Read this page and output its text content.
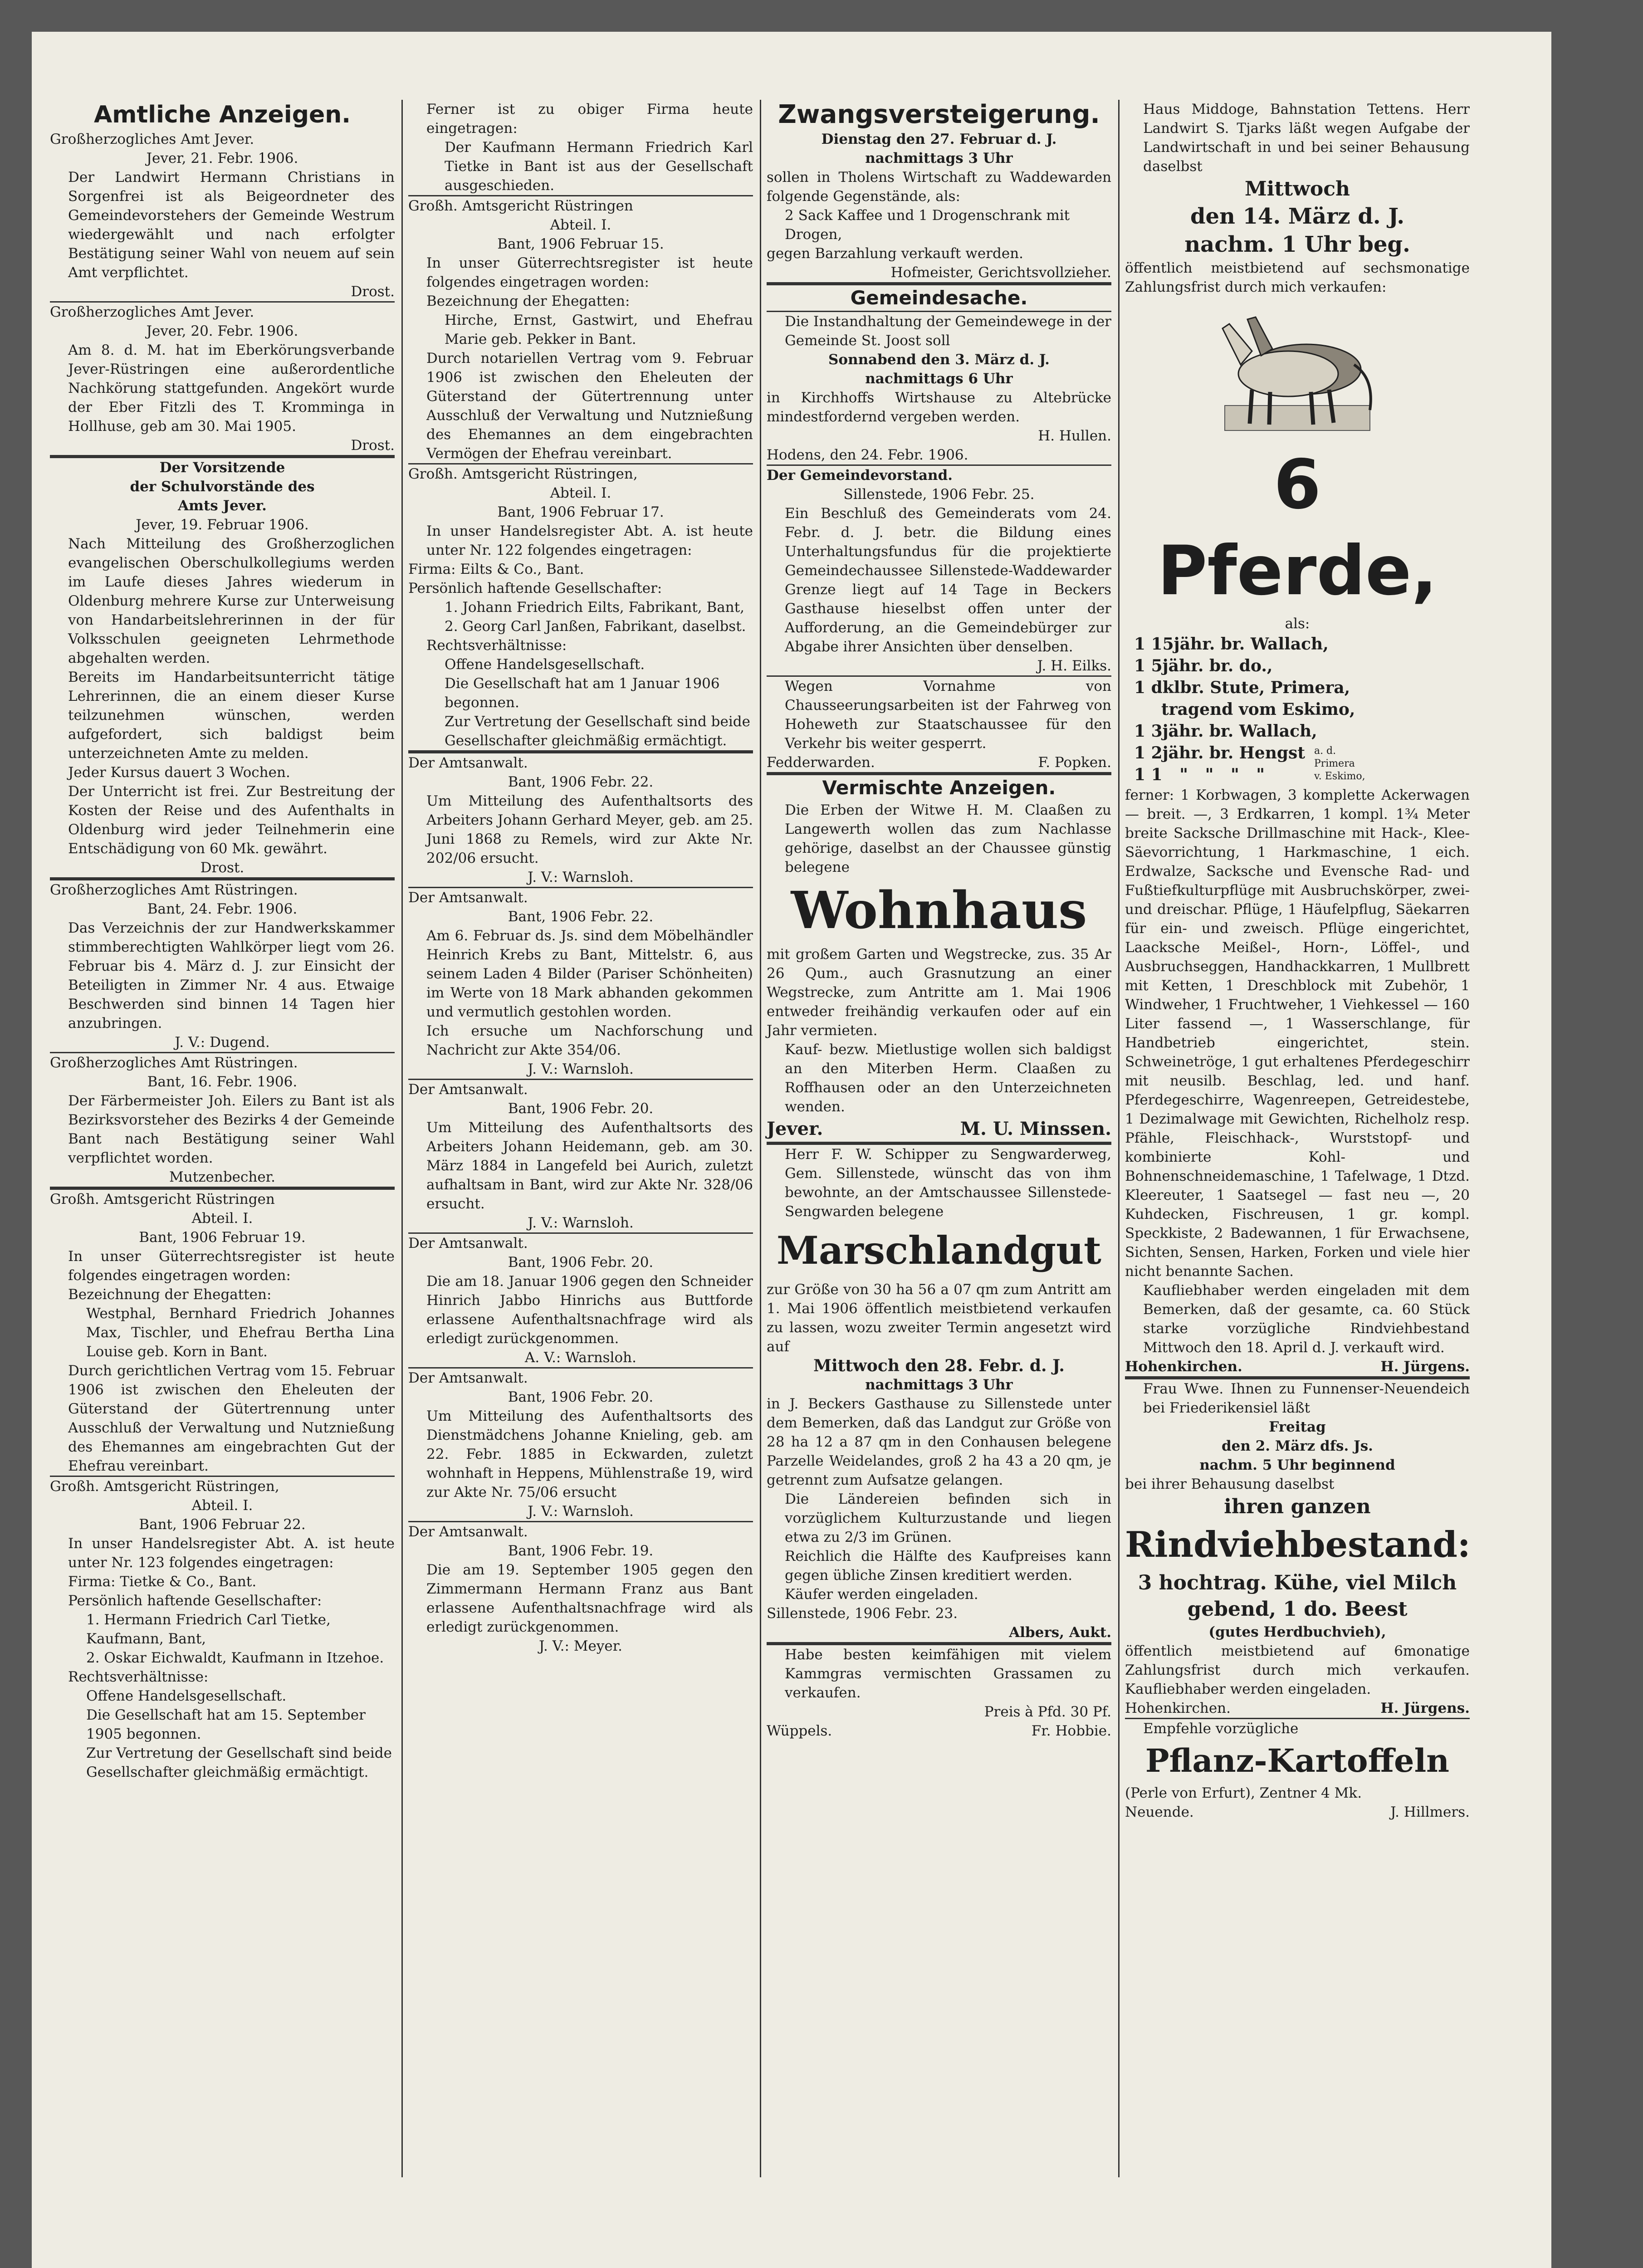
Amtliche Anzeigen.
Großherzogliches Amt Jever.
Jever, 21. Febr. 1906.
Der Landwirt Hermann Christians in Sorgenfrei ist als Beigeordneter des Gemeindevorstehers der Gemeinde Westrum wiedergewählt und nach erfolgter Bestätigung seiner Wahl von neuem auf sein Amt verpflichtet.
Drost.
Großherzogliches Amt Jever.
Jever, 20. Febr. 1906.
Am 8. d. M. hat im Eberkörungsverbande Jever-Rüstringen eine außerordentliche Nachkörung stattgefunden. Angekört wurde der Eber Fitzli des T. Kromminga in Hollhuse, geb am 30. Mai 1905.
Drost.
Der Vorsitzende
der Schulvorstände des
Amts Jever.
Jever, 19. Februar 1906.
Nach Mitteilung des Großherzoglichen evangelischen Oberschulkollegiums werden im Laufe dieses Jahres wiederum in Oldenburg mehrere Kurse zur Unterweisung von Handarbeitslehrerinnen in der für Volksschulen geeigneten Lehrmethode abgehalten werden.
Bereits im Handarbeitsunterricht tätige Lehrerinnen, die an einem dieser Kurse teilzunehmen wünschen, werden aufgefordert, sich baldigst beim unterzeichneten Amte zu melden.
Jeder Kursus dauert 3 Wochen.
Der Unterricht ist frei. Zur Bestreitung der Kosten der Reise und des Aufenthalts in Oldenburg wird jeder Teilnehmerin eine Entschädigung von 60 Mk. gewährt.
Drost.
Großherzogliches Amt Rüstringen.
Bant, 24. Febr. 1906.
Das Verzeichnis der zur Handwerkskammer stimmberechtigten Wahlkörper liegt vom 26. Februar bis 4. März d. J. zur Einsicht der Beteiligten in Zimmer Nr. 4 aus. Etwaige Beschwerden sind binnen 14 Tagen hier anzubringen.
J. V.: Dugend.
Großherzogliches Amt Rüstringen.
Bant, 16. Febr. 1906.
Der Färbermeister Joh. Eilers zu Bant ist als Bezirksvorsteher des Bezirks 4 der Gemeinde Bant nach Bestätigung seiner Wahl verpflichtet worden.
Mutzenbecher.
Großh. Amtsgericht Rüstringen
Abteil. I.
Bant, 1906 Februar 19.
In unser Güterrechtsregister ist heute folgendes eingetragen worden:
Bezeichnung der Ehegatten:
Westphal, Bernhard Friedrich Johannes Max, Tischler, und Ehefrau Bertha Lina Louise geb. Korn in Bant.
Durch gerichtlichen Vertrag vom 15. Februar 1906 ist zwischen den Eheleuten der Güterstand der Gütertrennung unter Ausschluß der Verwaltung und Nutznießung des Ehemannes am eingebrachten Gut der Ehefrau vereinbart.
Großh. Amtsgericht Rüstringen,
Abteil. I.
Bant, 1906 Februar 22.
In unser Handelsregister Abt. A. ist heute unter Nr. 123 folgendes eingetragen:
Firma: Tietke & Co., Bant.
Persönlich haftende Gesellschafter:
1. Hermann Friedrich Carl Tietke, Kaufmann, Bant,
2. Oskar Eichwaldt, Kaufmann in Itzehoe.
Rechtsverhältnisse:
Offene Handelsgesellschaft.
Die Gesellschaft hat am 15. September 1905 begonnen.
Zur Vertretung der Gesellschaft sind beide Gesellschafter gleichmäßig ermächtigt.
Ferner ist zu obiger Firma heute eingetragen:
Der Kaufmann Hermann Friedrich Karl Tietke in Bant ist aus der Gesellschaft ausgeschieden.
Großh. Amtsgericht Rüstringen
Abteil. I.
Bant, 1906 Februar 15.
In unser Güterrechtsregister ist heute folgendes eingetragen worden:
Bezeichnung der Ehegatten:
Hirche, Ernst, Gastwirt, und Ehefrau Marie geb. Pekker in Bant.
Durch notariellen Vertrag vom 9. Februar 1906 ist zwischen den Eheleuten der Güterstand der Gütertrennung unter Ausschluß der Verwaltung und Nutznießung des Ehemannes an dem eingebrachten Vermögen der Ehefrau vereinbart.
Großh. Amtsgericht Rüstringen,
Abteil. I.
Bant, 1906 Februar 17.
In unser Handelsregister Abt. A. ist heute unter Nr. 122 folgendes eingetragen:
Firma: Eilts & Co., Bant.
Persönlich haftende Gesellschafter:
1. Johann Friedrich Eilts, Fabrikant, Bant,
2. Georg Carl Janßen, Fabrikant, daselbst.
Rechtsverhältnisse:
Offene Handelsgesellschaft.
Die Gesellschaft hat am 1 Januar 1906 begonnen.
Zur Vertretung der Gesellschaft sind beide Gesellschafter gleichmäßig ermächtigt.
Der Amtsanwalt.
Bant, 1906 Febr. 22.
Um Mitteilung des Aufenthaltsorts des Arbeiters Johann Gerhard Meyer, geb. am 25. Juni 1868 zu Remels, wird zur Akte Nr. 202/06 ersucht.
J. V.: Warnsloh.
Der Amtsanwalt.
Bant, 1906 Febr. 22.
Am 6. Februar ds. Js. sind dem Möbelhändler Heinrich Krebs zu Bant, Mittelstr. 6, aus seinem Laden 4 Bilder (Pariser Schönheiten) im Werte von 18 Mark abhanden gekommen und vermutlich gestohlen worden.
Ich ersuche um Nachforschung und Nachricht zur Akte 354/06.
J. V.: Warnsloh.
Der Amtsanwalt.
Bant, 1906 Febr. 20.
Um Mitteilung des Aufenthaltsorts des Arbeiters Johann Heidemann, geb. am 30. März 1884 in Langefeld bei Aurich, zuletzt aufhaltsam in Bant, wird zur Akte Nr. 328/06 ersucht.
J. V.: Warnsloh.
Der Amtsanwalt.
Bant, 1906 Febr. 20.
Die am 18. Januar 1906 gegen den Schneider Hinrich Jabbo Hinrichs aus Buttforde erlassene Aufenthaltsnachfrage wird als erledigt zurückgenommen.
A. V.: Warnsloh.
Der Amtsanwalt.
Bant, 1906 Febr. 20.
Um Mitteilung des Aufenthaltsorts des Dienstmädchens Johanne Knieling, geb. am 22. Febr. 1885 in Eckwarden, zuletzt wohnhaft in Heppens, Mühlenstraße 19, wird zur Akte Nr. 75/06 ersucht
J. V.: Warnsloh.
Der Amtsanwalt.
Bant, 1906 Febr. 19.
Die am 19. September 1905 gegen den Zimmermann Hermann Franz aus Bant erlassene Aufenthaltsnachfrage wird als erledigt zurückgenommen.
J. V.: Meyer.
Zwangsversteigerung.
Dienstag den 27. Februar d. J.
nachmittags 3 Uhr
sollen in Tholens Wirtschaft zu Waddewarden folgende Gegenstände, als:
2 Sack Kaffee und 1 Drogenschrank mit Drogen,
gegen Barzahlung verkauft werden.
Hofmeister, Gerichtsvollzieher.
Gemeindesache.
Die Instandhaltung der Gemeindewege in der Gemeinde St. Joost soll
Sonnabend den 3. März d. J.
nachmittags 6 Uhr
in Kirchhoffs Wirtshause zu Altebrücke mindestfordernd vergeben werden.
H. Hullen.
Hodens, den 24. Febr. 1906.
Der Gemeindevorstand.
Sillenstede, 1906 Febr. 25.
Ein Beschluß des Gemeinderats vom 24. Febr. d. J. betr. die Bildung eines Unterhaltungsfundus für die projektierte Gemeindechaussee Sillenstede-Waddewarder Grenze liegt auf 14 Tage in Beckers Gasthause hieselbst offen unter der Aufforderung, an die Gemeindebürger zur Abgabe ihrer Ansichten über denselben.
J. H. Eilks.
Wegen Vornahme von Chausseerungsarbeiten ist der Fahrweg von Hoheweth zur Staatschaussee für den Verkehr bis weiter gesperrt.
Fedderwarden.	F. Popken.
Vermischte Anzeigen.
Die Erben der Witwe H. M. Claaßen zu Langewerth wollen das zum Nachlasse gehörige, daselbst an der Chaussee günstig belegene
Wohnhaus
mit großem Garten und Wegstrecke, zus. 35 Ar 26 Qum., auch Grasnutzung an einer Wegstrecke, zum Antritte am 1. Mai 1906 entweder freihändig verkaufen oder auf ein Jahr vermieten.
Kauf- bezw. Mietlustige wollen sich baldigst an den Miterben Herm. Claaßen zu Roffhausen oder an den Unterzeichneten wenden.
Jever.	M. U. Minssen.
Herr F. W. Schipper zu Sengwarderweg, Gem. Sillenstede, wünscht das von ihm bewohnte, an der Amtschaussee Sillenstede-Sengwarden belegene
Marschlandgut
zur Größe von 30 ha 56 a 07 qm zum Antritt am 1. Mai 1906 öffentlich meistbietend verkaufen zu lassen, wozu zweiter Termin angesetzt wird auf
Mittwoch den 28. Febr. d. J.
nachmittags 3 Uhr
in J. Beckers Gasthause zu Sillenstede unter dem Bemerken, daß das Landgut zur Größe von 28 ha 12 a 87 qm in den Conhausen belegene Parzelle Weidelandes, groß 2 ha 43 a 20 qm, je getrennt zum Aufsatze gelangen.
Die Ländereien befinden sich in vorzüglichem Kulturzustande und liegen etwa zu 2/3 im Grünen.
Reichlich die Hälfte des Kaufpreises kann gegen übliche Zinsen kreditiert werden.
Käufer werden eingeladen.
Sillenstede, 1906 Febr. 23.
Albers, Aukt.
Habe besten keimfähigen mit vielem Kammgras vermischten Grassamen zu verkaufen.
Preis à Pfd. 30 Pf.
Wüppels.	Fr. Hobbie.
Haus Middoge, Bahnstation Tettens. Herr Landwirt S. Tjarks läßt wegen Aufgabe der Landwirtschaft in und bei seiner Behausung daselbst
Mittwoch
den 14. März d. J.
nachm. 1 Uhr beg.
öffentlich meistbietend auf sechsmonatige Zahlungsfrist durch mich verkaufen:
6 Pferde,
als:
1 15jähr. br. Wallach,
1 5jähr. br. do.,
1 dklbr. Stute, Primera,
tragend vom Eskimo,
1 3jähr. br. Wallach,
1 2jähr. br. Hengst
1 1   "   "   "   "
a. d.
Primera
v. Eskimo,
ferner: 1 Korbwagen, 3 komplette Ackerwagen — breit. —, 3 Erdkarren, 1 kompl. 1¾ Meter breite Sacksche Drillmaschine mit Hack-, Klee- Säevorrichtung, 1 Harkmaschine, 1 eich. Erdwalze, Sacksche und Evensche Rad- und Fußtiefkulturpflüge mit Ausbruchskörper, zwei- und dreischar. Pflüge, 1 Häufelpflug, Säekarren für ein- und zweisch. Pflüge eingerichtet, Laacksche Meißel-, Horn-, Löffel-, und Ausbruchseggen, Handhackkarren, 1 Mullbrett mit Ketten, 1 Dreschblock mit Zubehör, 1 Windweher, 1 Fruchtweher, 1 Viehkessel — 160 Liter fassend —, 1 Wasserschlange, für Handbetrieb eingerichtet, stein. Schweinetröge, 1 gut erhaltenes Pferdegeschirr mit neusilb. Beschlag, led. und hanf. Pferdegeschirre, Wagenreepen, Getreidestebe, 1 Dezimalwage mit Gewichten, Richelholz resp. Pfähle, Fleischhack-, Wurststopf- und kombinierte Kohl- und Bohnenschneidemaschine, 1 Tafelwage, 1 Dtzd. Kleereuter, 1 Saatsegel — fast neu —, 20 Kuhdecken, Fischreusen, 1 gr. kompl. Speckkiste, 2 Badewannen, 1 für Erwachsene, Sichten, Sensen, Harken, Forken und viele hier nicht benannte Sachen.
Kaufliebhaber werden eingeladen mit dem Bemerken, daß der gesamte, ca. 60 Stück starke vorzügliche Rindviehbestand Mittwoch den 18. April d. J. verkauft wird.
Hohenkirchen.	H. Jürgens.
Frau Wwe. Ihnen zu Funnenser-Neuendeich bei Friederikensiel läßt
Freitag
den 2. März dfs. Js.
nachm. 5 Uhr beginnend
bei ihrer Behausung daselbst
ihren ganzen
Rindviehbestand:
3 hochtrag. Kühe, viel Milch
gebend, 1 do. Beest
(gutes Herdbuchvieh),
öffentlich meistbietend auf 6monatige Zahlungsfrist durch mich verkaufen. Kaufliebhaber werden eingeladen.
Hohenkirchen.	H. Jürgens.
Empfehle vorzügliche
Pflanz-Kartoffeln
(Perle von Erfurt), Zentner 4 Mk.
Neuende.	J. Hillmers.
